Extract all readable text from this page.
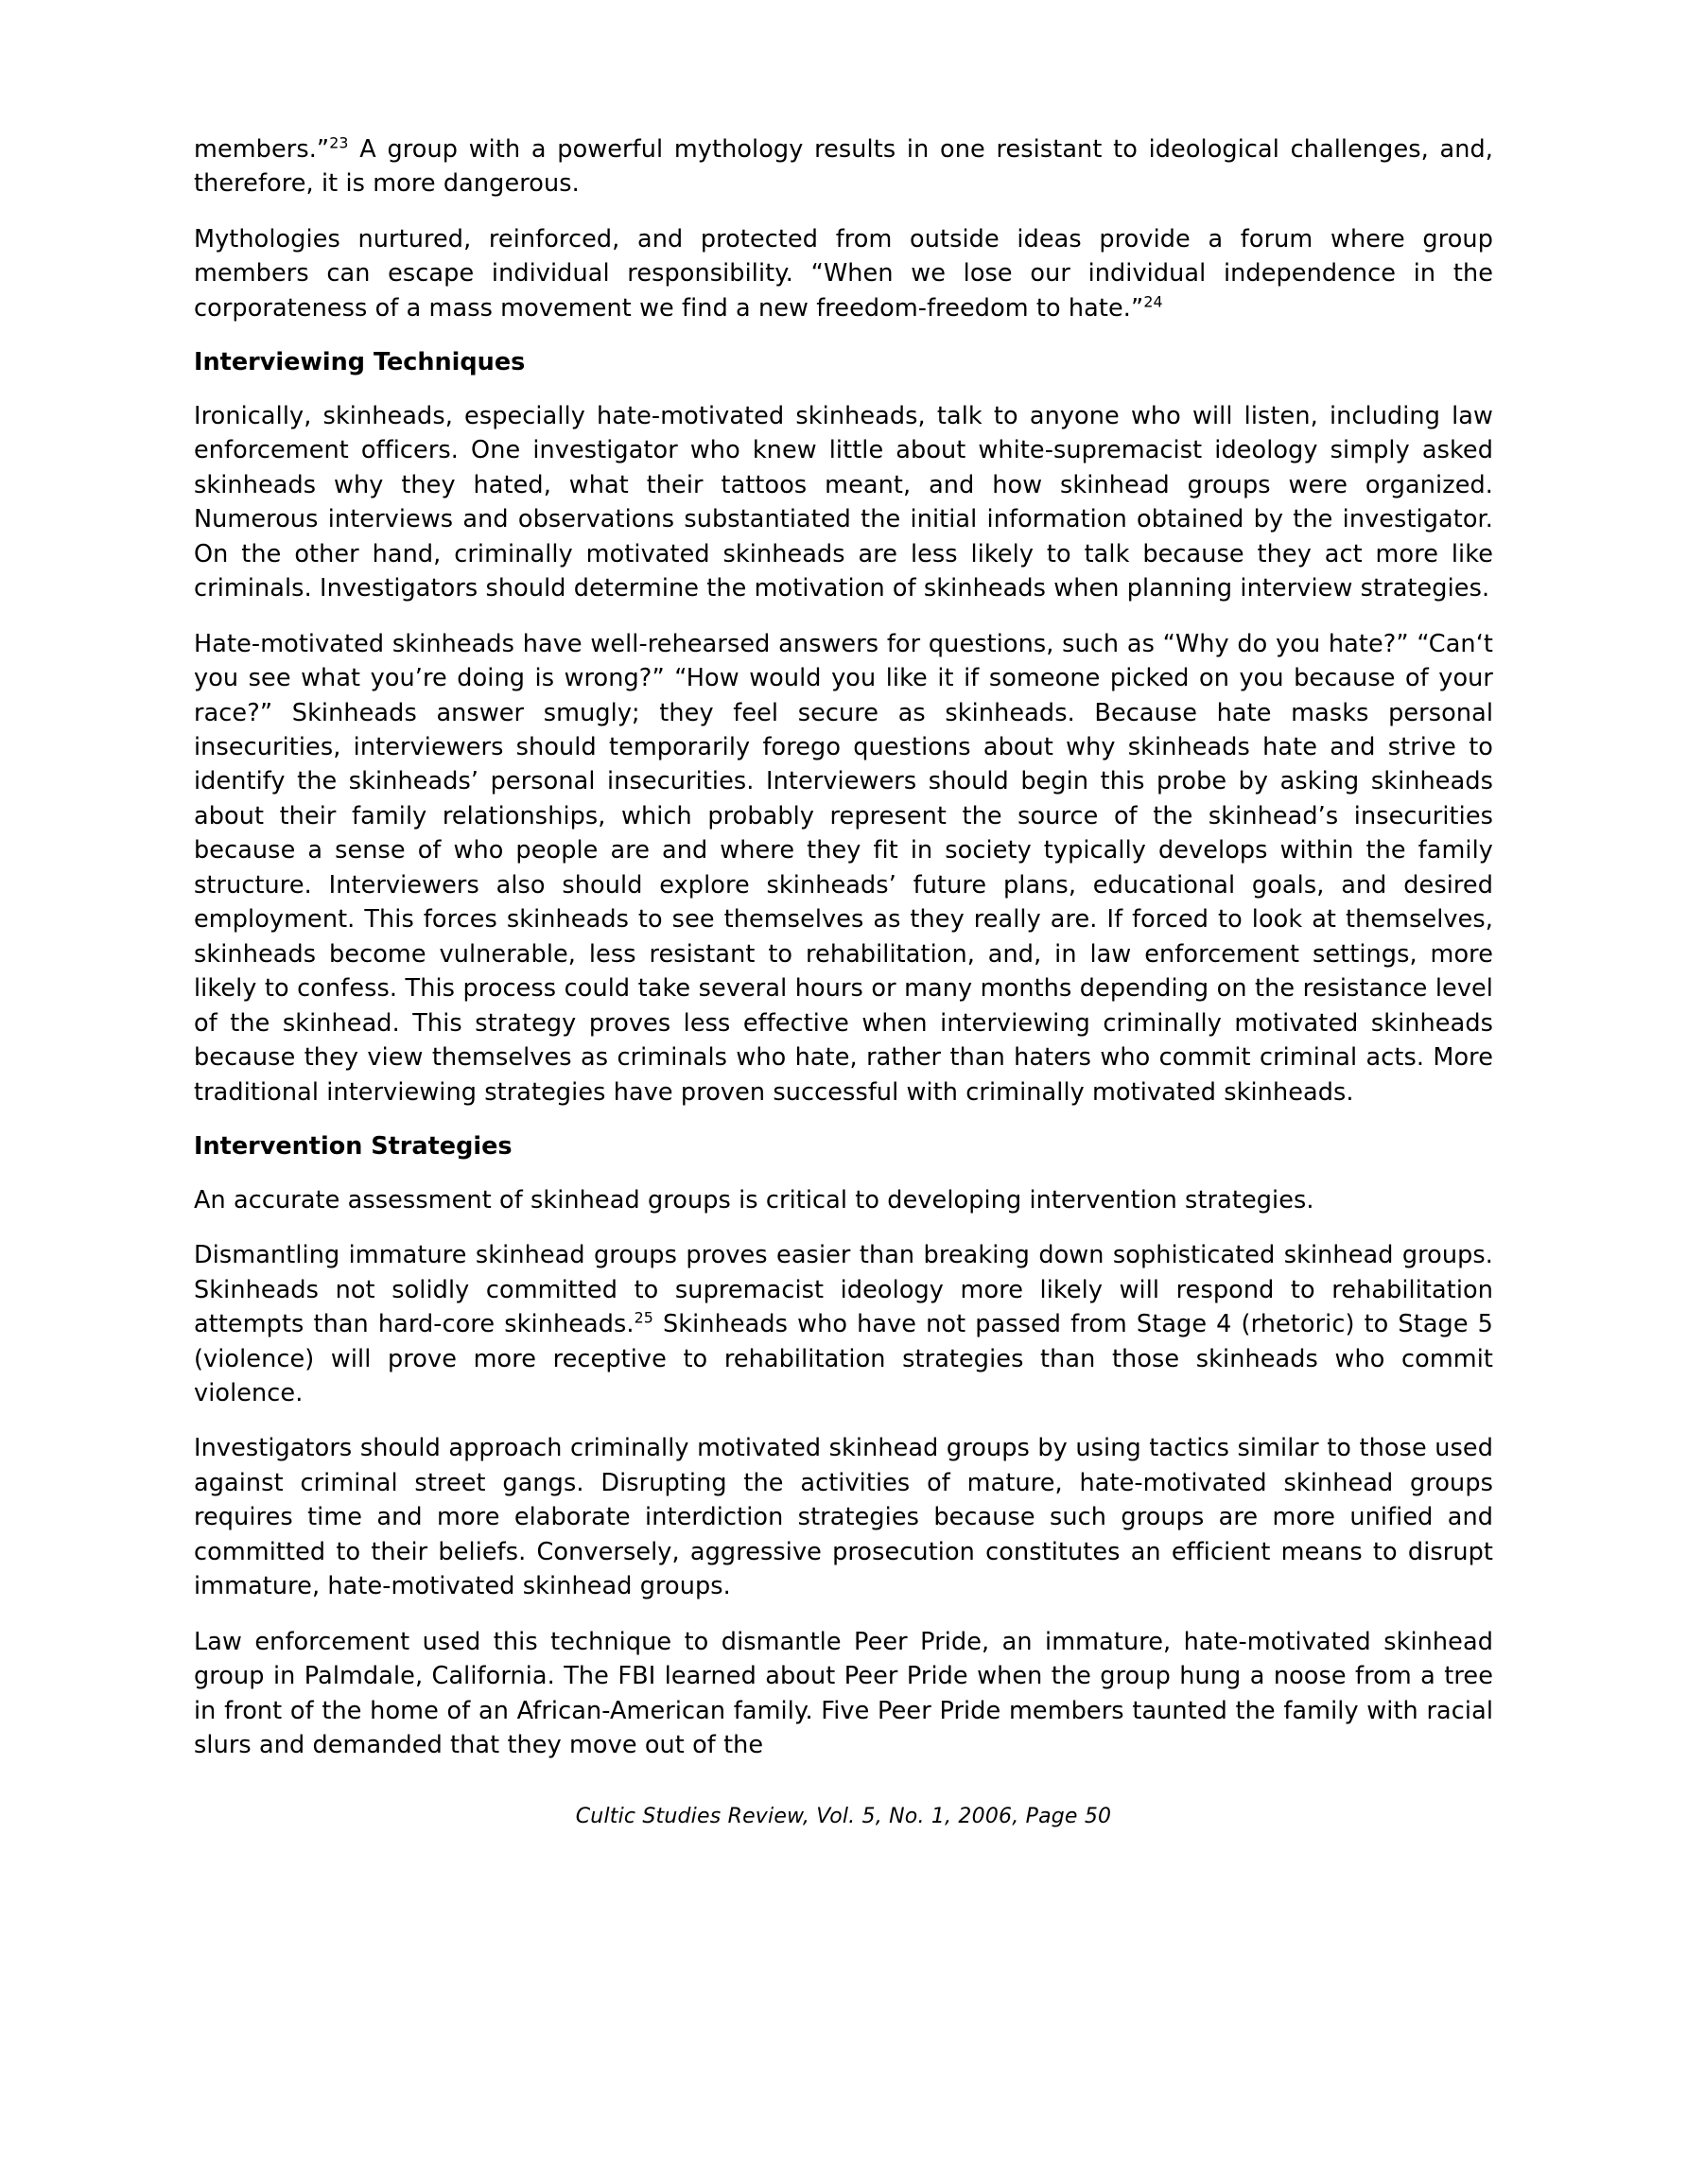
members.”$^{23}$ A group with a powerful mythology results in one resistant to ideological challenges, and, therefore, it is more dangerous.

Mythologies nurtured, reinforced, and protected from outside ideas provide a forum where group members can escape individual responsibility. “When we lose our individual independence in the corporateness of a mass movement we find a new freedom-freedom to hate.”$^{24}$

Interviewing Techniques

Ironically, skinheads, especially hate-motivated skinheads, talk to anyone who will listen, including law enforcement officers. One investigator who knew little about white-supremacist ideology simply asked skinheads why they hated, what their tattoos meant, and how skinhead groups were organized. Numerous interviews and observations substantiated the initial information obtained by the investigator. On the other hand, criminally motivated skinheads are less likely to talk because they act more like criminals. Investigators should determine the motivation of skinheads when planning interview strategies.

Hate-motivated skinheads have well-rehearsed answers for questions, such as “Why do you hate?” “Can‘t you see what you’re doing is wrong?” “How would you like it if someone picked on you because of your race?” Skinheads answer smugly; they feel secure as skinheads. Because hate masks personal insecurities, interviewers should temporarily forego questions about why skinheads hate and strive to identify the skinheads’ personal insecurities. Interviewers should begin this probe by asking skinheads about their family relationships, which probably represent the source of the skinhead’s insecurities because a sense of who people are and where they fit in society typically develops within the family structure. Interviewers also should explore skinheads’ future plans, educational goals, and desired employment. This forces skinheads to see themselves as they really are. If forced to look at themselves, skinheads become vulnerable, less resistant to rehabilitation, and, in law enforcement settings, more likely to confess. This process could take several hours or many months depending on the resistance level of the skinhead. This strategy proves less effective when interviewing criminally motivated skinheads because they view themselves as criminals who hate, rather than haters who commit criminal acts. More traditional interviewing strategies have proven successful with criminally motivated skinheads.

Intervention Strategies

An accurate assessment of skinhead groups is critical to developing intervention strategies.

Dismantling immature skinhead groups proves easier than breaking down sophisticated skinhead groups. Skinheads not solidly committed to supremacist ideology more likely will respond to rehabilitation attempts than hard-core skinheads.$^{25}$ Skinheads who have not passed from Stage 4 (rhetoric) to Stage 5 (violence) will prove more receptive to rehabilitation strategies than those skinheads who commit violence.

Investigators should approach criminally motivated skinhead groups by using tactics similar to those used against criminal street gangs. Disrupting the activities of mature, hate-motivated skinhead groups requires time and more elaborate interdiction strategies because such groups are more unified and committed to their beliefs. Conversely, aggressive prosecution constitutes an efficient means to disrupt immature, hate-motivated skinhead groups.

Law enforcement used this technique to dismantle Peer Pride, an immature, hate-motivated skinhead group in Palmdale, California. The FBI learned about Peer Pride when the group hung a noose from a tree in front of the home of an African-American family. Five Peer Pride members taunted the family with racial slurs and demanded that they move out of the

Cultic Studies Review, Vol. 5, No. 1, 2006, Page 50
